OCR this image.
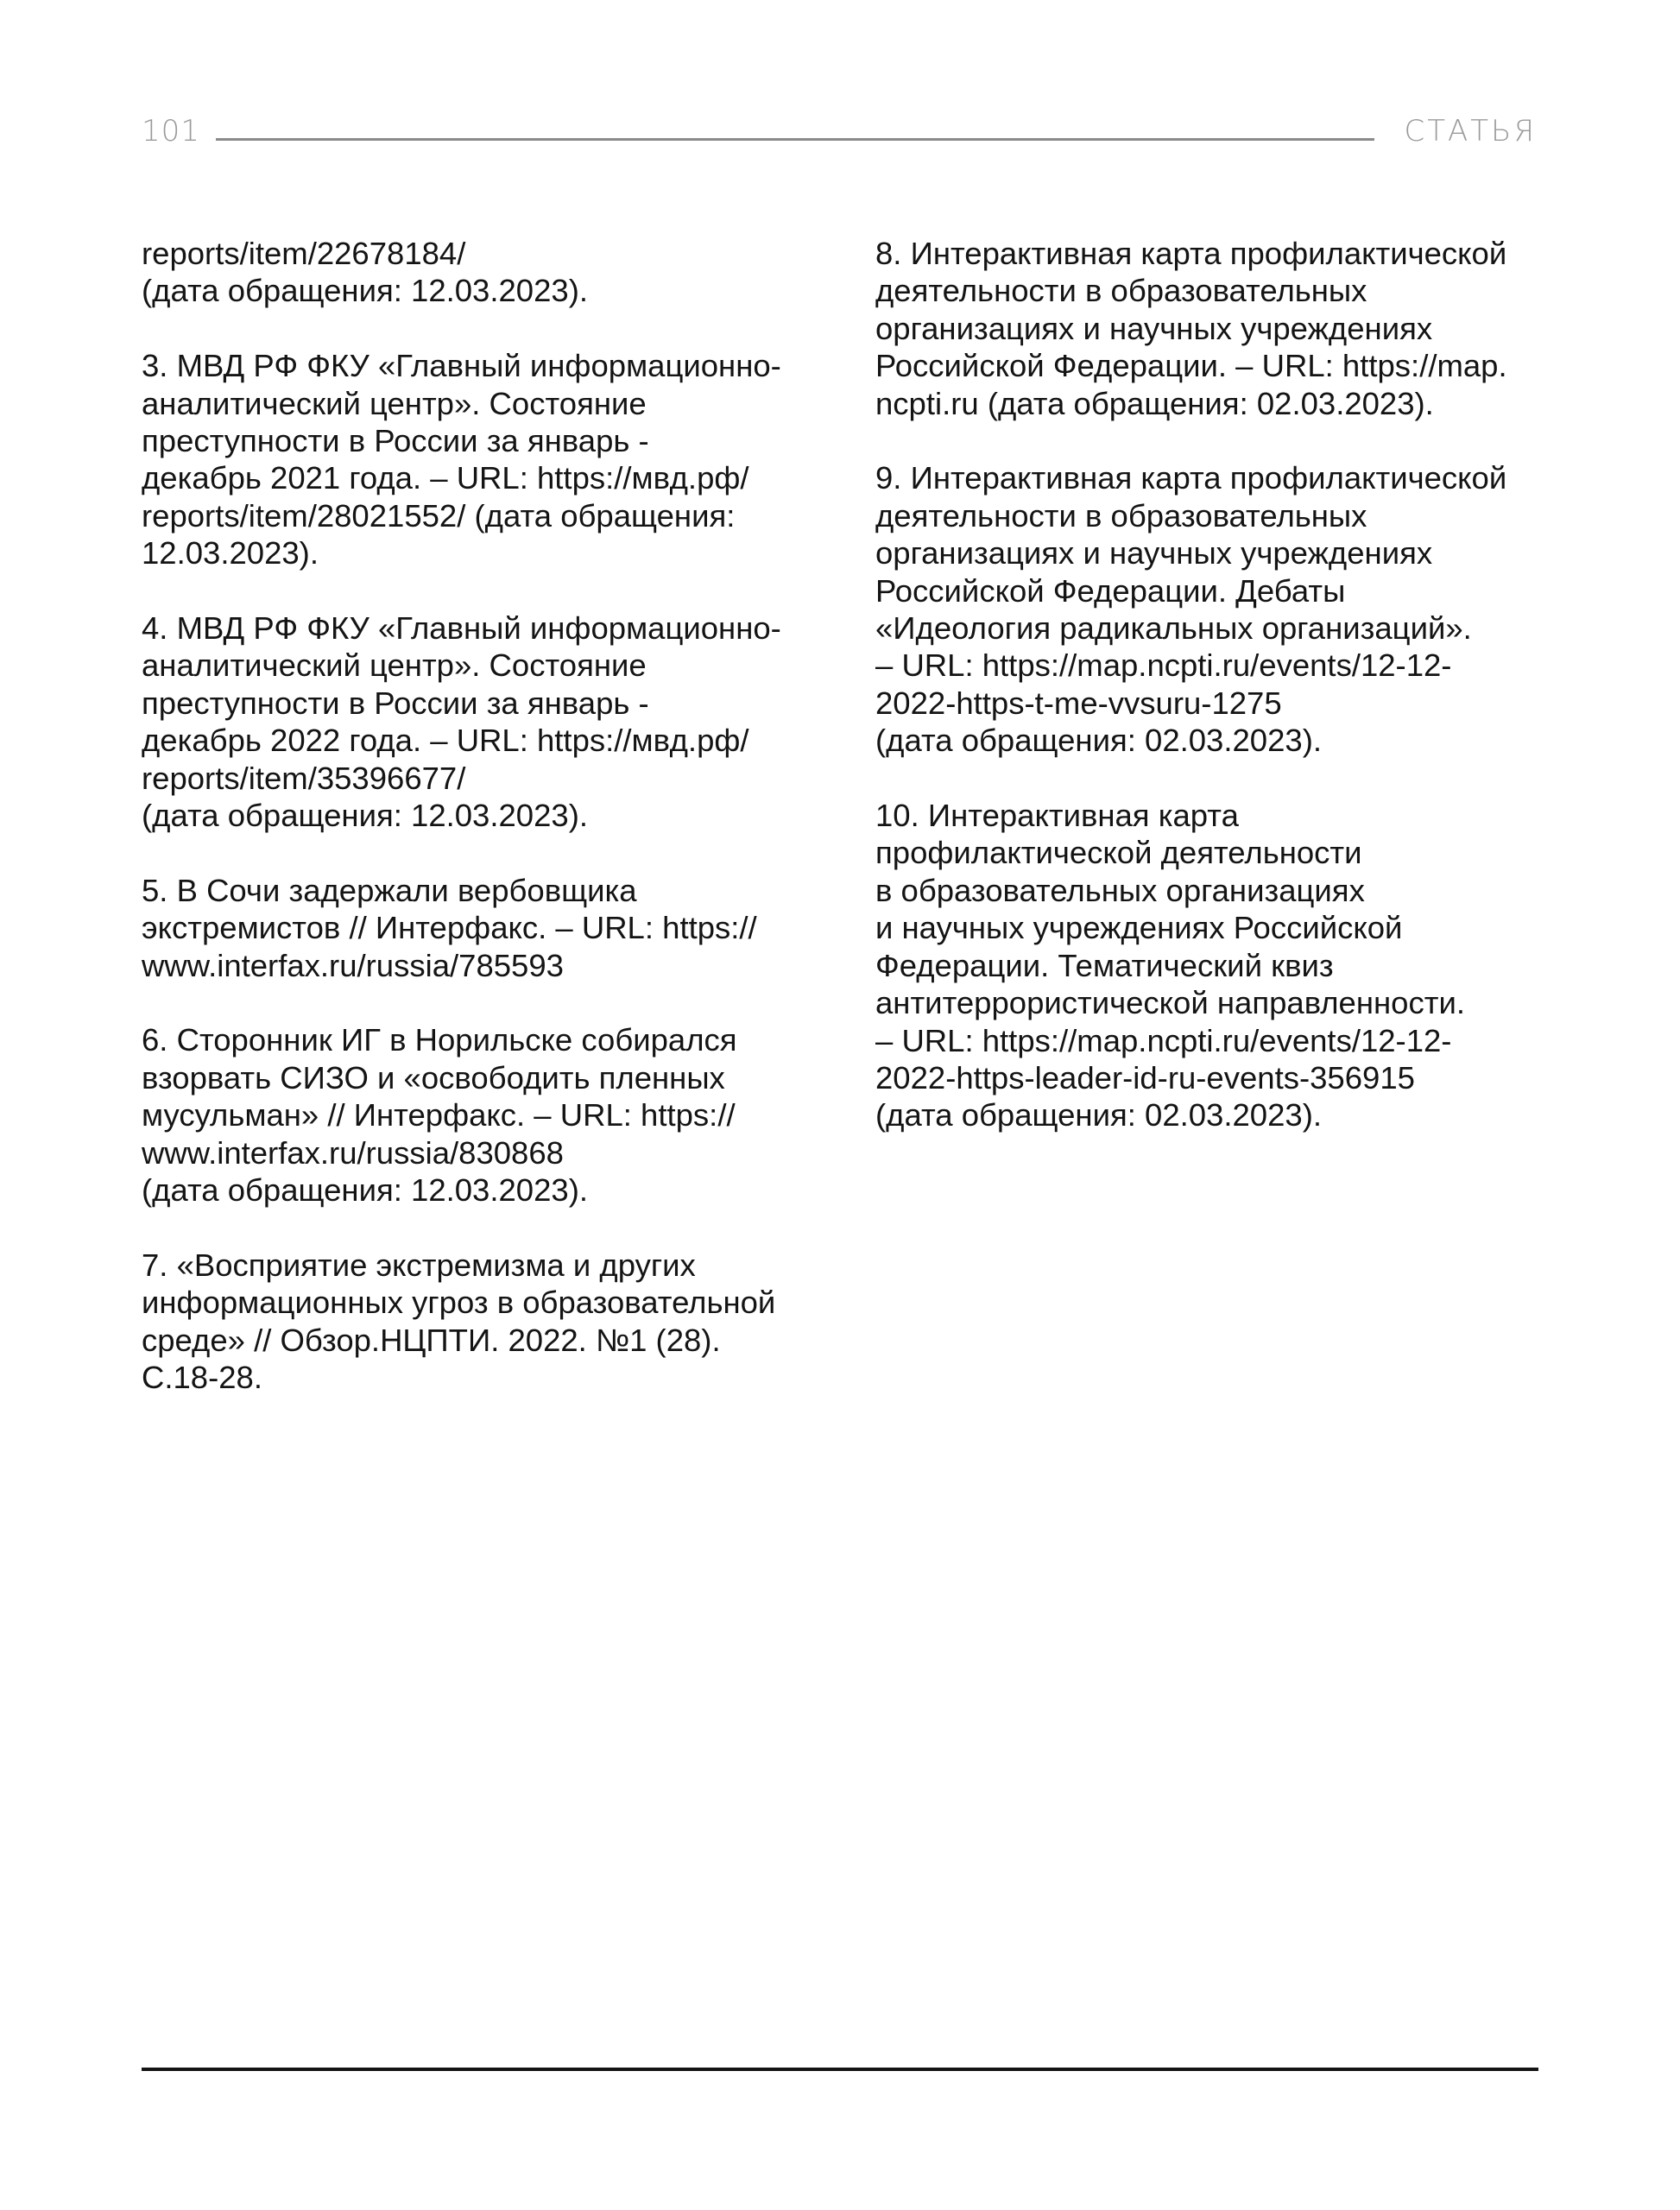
101	СТАТЬЯ
reports/item/22678184/
(дата обращения: 12.03.2023).
3. МВД РФ ФКУ «Главный информационно-
аналитический центр». Состояние
преступности в России за январь -
декабрь 2021 года. – URL: https://мвд.рф/
reports/item/28021552/ (дата обращения:
12.03.2023).
4. МВД РФ ФКУ «Главный информационно-
аналитический центр». Состояние
преступности в России за январь -
декабрь 2022 года. – URL: https://мвд.рф/
reports/item/35396677/
(дата обращения: 12.03.2023).
5. В Сочи задержали вербовщика
экстремистов // Интерфакс. – URL: https://
www.interfax.ru/russia/785593
6. Сторонник ИГ в Норильске собирался
взорвать СИЗО и «освободить пленных
мусульман» // Интерфакс. – URL: https://
www.interfax.ru/russia/830868
(дата обращения: 12.03.2023).
7. «Восприятие экстремизма и других
информационных угроз в образовательной
среде» // Обзор.НЦПТИ. 2022. №1 (28).
С.18-28.
8. Интерактивная карта профилактической
деятельности в образовательных
организациях и научных учреждениях
Российской Федерации. – URL: https://map.
ncpti.ru (дата обращения: 02.03.2023).
9. Интерактивная карта профилактической
деятельности в образовательных
организациях и научных учреждениях
Российской Федерации. Дебаты
«Идеология радикальных организаций».
– URL: https://map.ncpti.ru/events/12-12-
2022-https-t-me-vvsuru-1275
(дата обращения: 02.03.2023).
10. Интерактивная карта
профилактической деятельности
в образовательных организациях
и научных учреждениях Российской
Федерации. Тематический квиз
антитеррористической направленности.
– URL: https://map.ncpti.ru/events/12-12-
2022-https-leader-id-ru-events-356915
(дата обращения: 02.03.2023).
